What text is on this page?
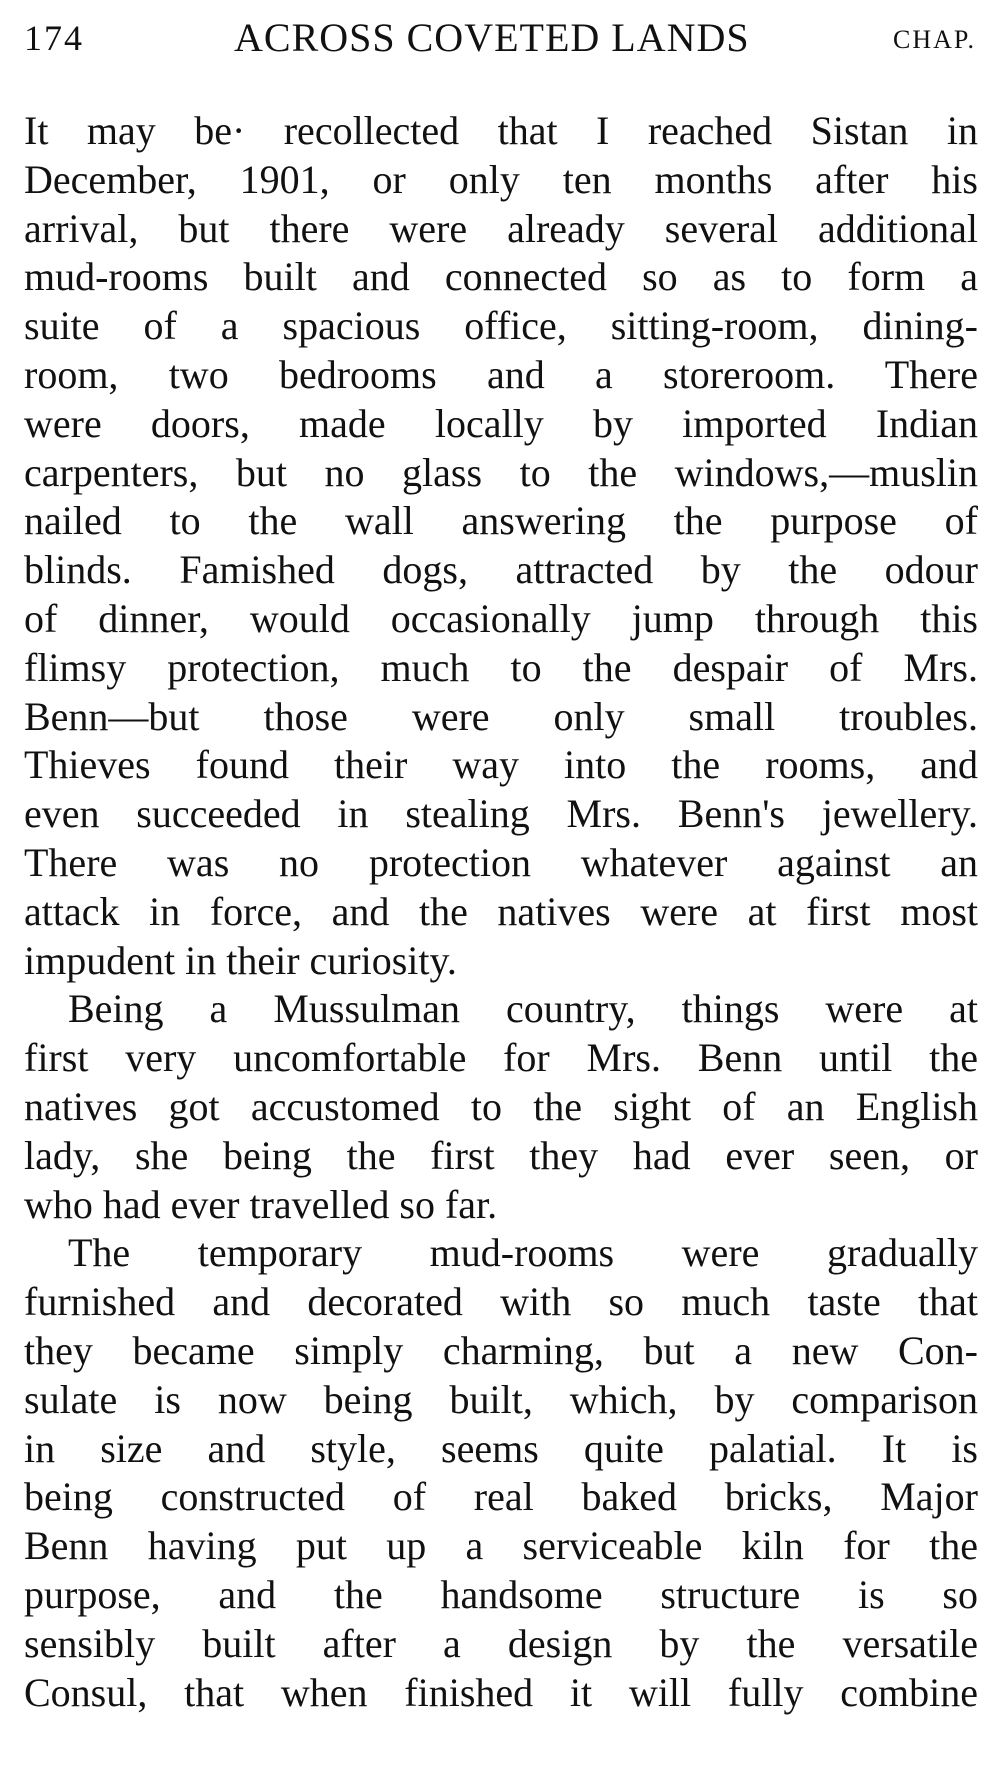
174	ACROSS COVETED LANDS	CHAP.
It may be· recollected that I reached Sistan in
December, 1901, or only ten months after his
arrival, but there were already several additional
mud-rooms built and connected so as to form a
suite of a spacious office, sitting-room, dining-
room, two bedrooms and a storeroom. There
were doors, made locally by imported Indian
carpenters, but no glass to the windows,—muslin
nailed to the wall answering the purpose of
blinds. Famished dogs, attracted by the odour
of dinner, would occasionally jump through this
flimsy protection, much to the despair of Mrs.
Benn—but those were only small troubles.
Thieves found their way into the rooms, and
even succeeded in stealing Mrs. Benn's jewellery.
There was no protection whatever against an
attack in force, and the natives were at first most
impudent in their curiosity.
Being a Mussulman country, things were at
first very uncomfortable for Mrs. Benn until the
natives got accustomed to the sight of an English
lady, she being the first they had ever seen, or
who had ever travelled so far.
The temporary mud-rooms were gradually
furnished and decorated with so much taste that
they became simply charming, but a new Con-
sulate is now being built, which, by comparison
in size and style, seems quite palatial. It is
being constructed of real baked bricks, Major
Benn having put up a serviceable kiln for the
purpose, and the handsome structure is so
sensibly built after a design by the versatile
Consul, that when finished it will fully combine
